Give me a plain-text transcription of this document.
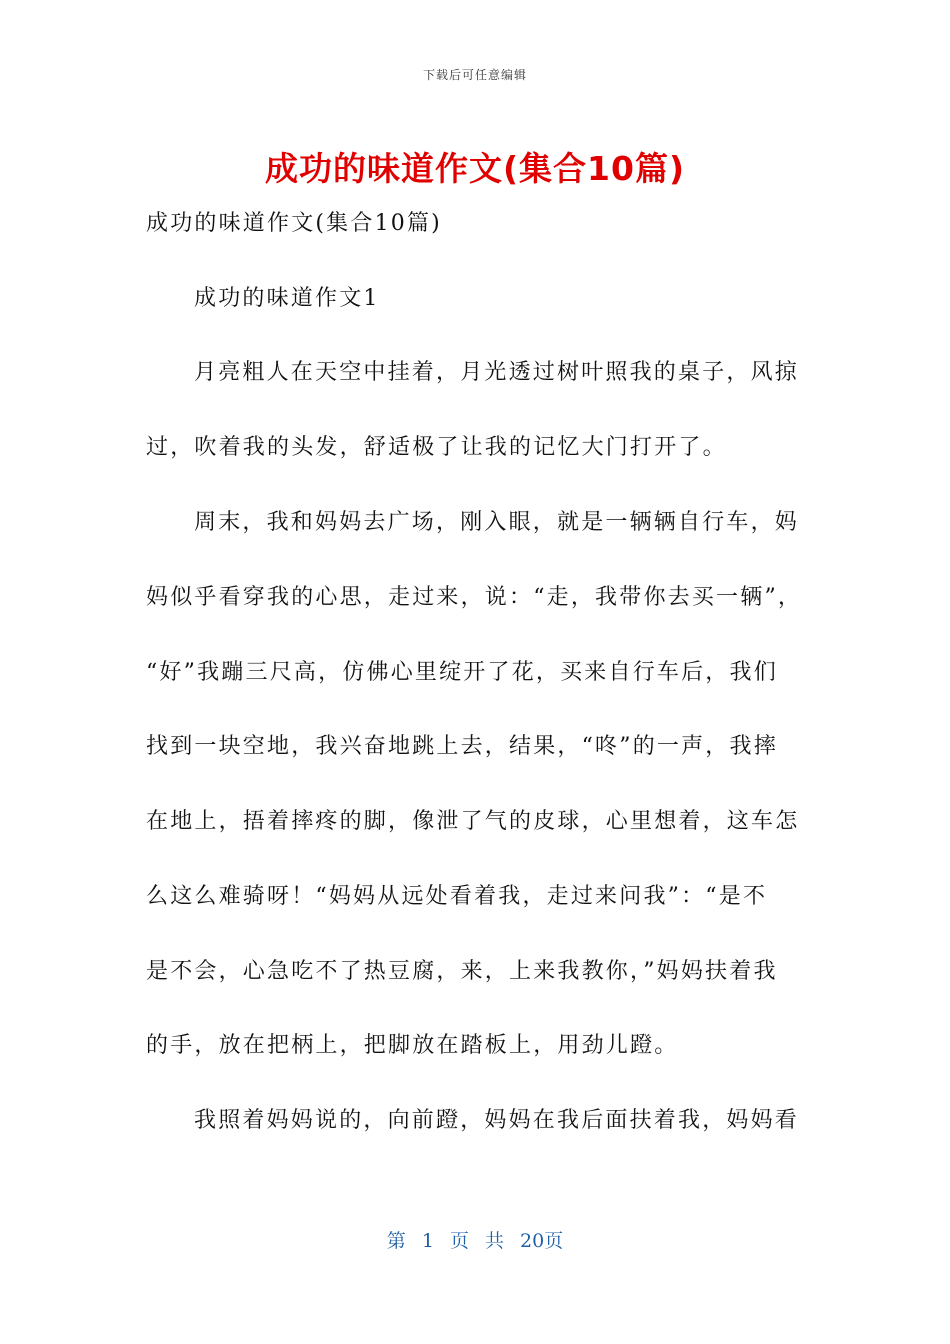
下载后可任意编辑
成功的味道作文(集合10篇)
成功的味道作文(集合10篇)
成功的味道作文1
月亮粗人在天空中挂着，月光透过树叶照我的桌子，风掠
过，吹着我的头发，舒适极了让我的记忆大门打开了。
周末，我和妈妈去广场，刚入眼，就是一辆辆自行车，妈
妈似乎看穿我的心思，走过来，说：“走，我带你去买一辆”，
“好”我蹦三尺高，仿佛心里绽开了花，买来自行车后，我们
找到一块空地，我兴奋地跳上去，结果，“咚”的一声，我摔
在地上，捂着摔疼的脚，像泄了气的皮球，心里想着，这车怎
么这么难骑呀！“妈妈从远处看着我，走过来问我”：“是不
是不会，心急吃不了热豆腐，来，上来我教你，”妈妈扶着我
的手，放在把柄上，把脚放在踏板上，用劲儿蹬。
我照着妈妈说的，向前蹬，妈妈在我后面扶着我，妈妈看
第 1 页 共 20页
